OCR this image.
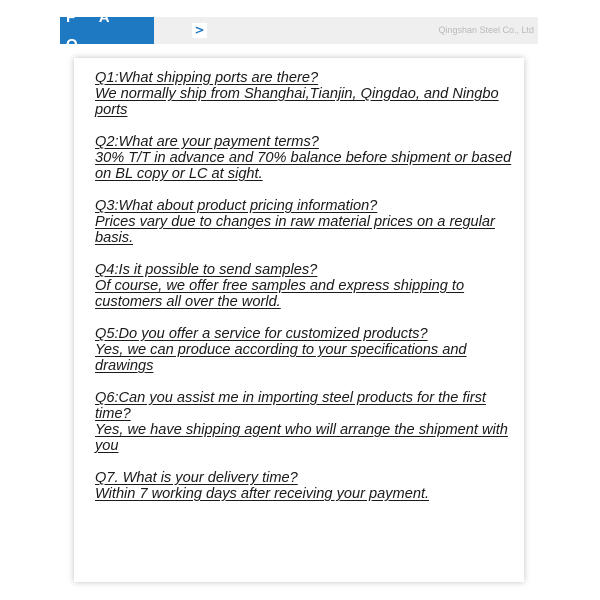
F A Q
>	Qingshan Steel Co., Ltd

Q1:What shipping ports are there?

We normally ship from Shanghai,Tianjin, Qingdao, and Ningbo ports

Q2:What are your payment terms?

30% T/T in advance and 70% balance before shipment or based on BL copy or LC at sight.

Q3:What about product pricing information?

Prices vary due to changes in raw material prices on a regular basis.

Q4:Is it possible to send samples?

Of course, we offer free samples and express shipping to customers all over the world.

Q5:Do you offer a service for customized products?

Yes, we can produce according to your specifications and drawings

Q6:Can you assist me in importing steel products for the first time?

Yes, we have shipping agent who will arrange the shipment with you

Q7. What is your delivery time?

Within 7 working days after receiving your payment.
